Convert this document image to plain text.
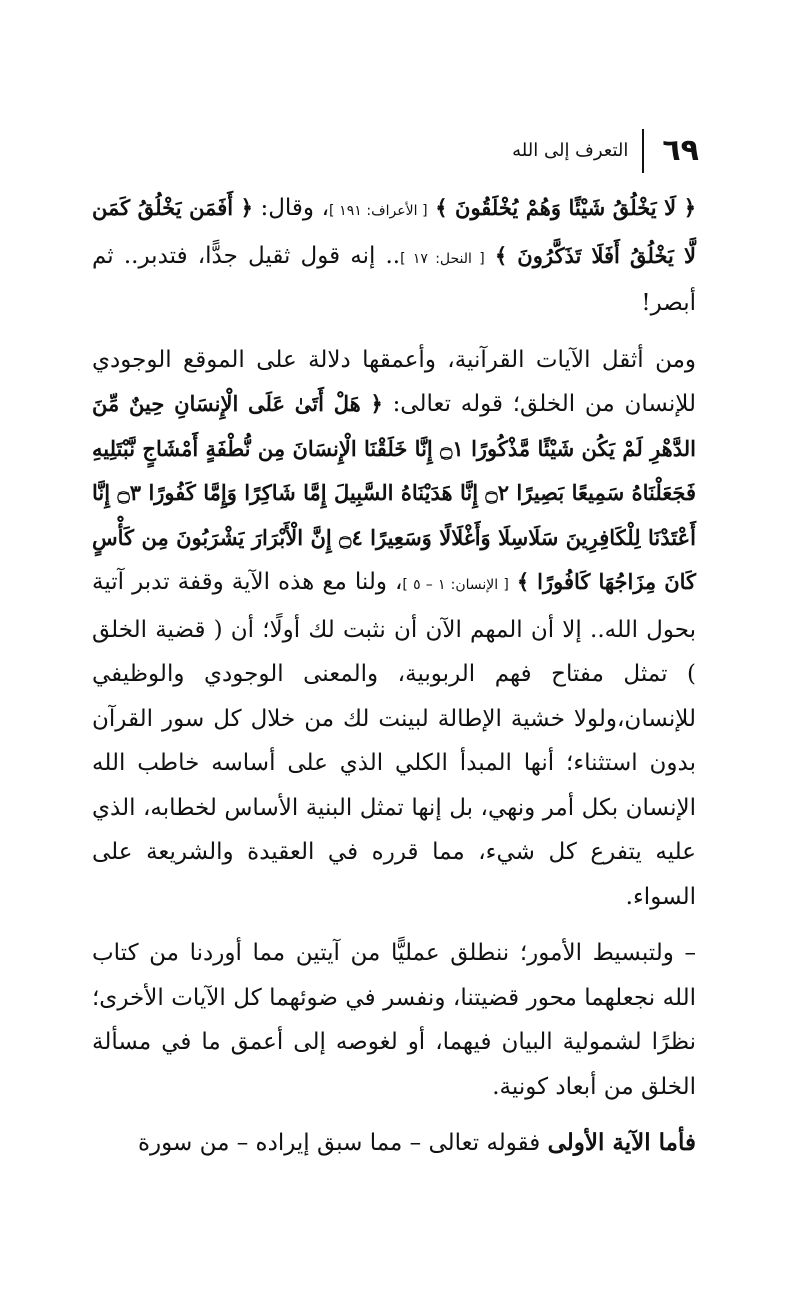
٦٩
التعرف إلى الله

﴿ لَا يَخْلُقُ شَيْئًا وَهُمْ يُخْلَقُونَ ﴾ [ الأعراف: ١٩١ ]، وقال: ﴿ أَفَمَن يَخْلُقُ كَمَن لَّا يَخْلُقُ أَفَلَا تَذَكَّرُونَ ﴾ [ النحل: ١٧ ].. إنه قول ثقيل جدًّا، فتدبر.. ثم أبصر!

ومن أثقل الآيات القرآنية، وأعمقها دلالة على الموقع الوجودي للإنسان من الخلق؛ قوله تعالى: ﴿ هَلْ أَتَىٰ عَلَى الْإِنسَانِ حِينٌ مِّنَ الدَّهْرِ لَمْ يَكُن شَيْئًا مَّذْكُورًا ۝١ إِنَّا خَلَقْنَا الْإِنسَانَ مِن نُّطْفَةٍ أَمْشَاجٍ نَّبْتَلِيهِ فَجَعَلْنَاهُ سَمِيعًا بَصِيرًا ۝٢ إِنَّا هَدَيْنَاهُ السَّبِيلَ إِمَّا شَاكِرًا وَإِمَّا كَفُورًا ۝٣ إِنَّا أَعْتَدْنَا لِلْكَافِرِينَ سَلَاسِلَا وَأَغْلَالًا وَسَعِيرًا ۝٤ إِنَّ الْأَبْرَارَ يَشْرَبُونَ مِن كَأْسٍ كَانَ مِزَاجُهَا كَافُورًا ﴾ [ الإنسان: ١ – ٥ ]، ولنا مع هذه الآية وقفة تدبر آتية بحول الله.. إلا أن المهم الآن أن نثبت لك أولًا؛ أن ( قضية الخلق ) تمثل مفتاح فهم الربوبية، والمعنى الوجودي والوظيفي للإنسان،ولولا خشية الإطالة لبينت لك من خلال كل سور القرآن بدون استثناء؛ أنها المبدأ الكلي الذي على أساسه خاطب الله الإنسان بكل أمر ونهي، بل إنها تمثل البنية الأساس لخطابه، الذي عليه يتفرع كل شيء، مما قرره في العقيدة والشريعة على السواء.

– ولتبسيط الأمور؛ ننطلق عمليًّا من آيتين مما أوردنا من كتاب الله نجعلهما محور قضيتنا، ونفسر في ضوئهما كل الآيات الأخرى؛ نظرًا لشمولية البيان فيهما، أو لغوصه إلى أعمق ما في مسألة الخلق من أبعاد كونية.

فأما الآية الأولى فقوله تعالى – مما سبق إيراده – من سورة
